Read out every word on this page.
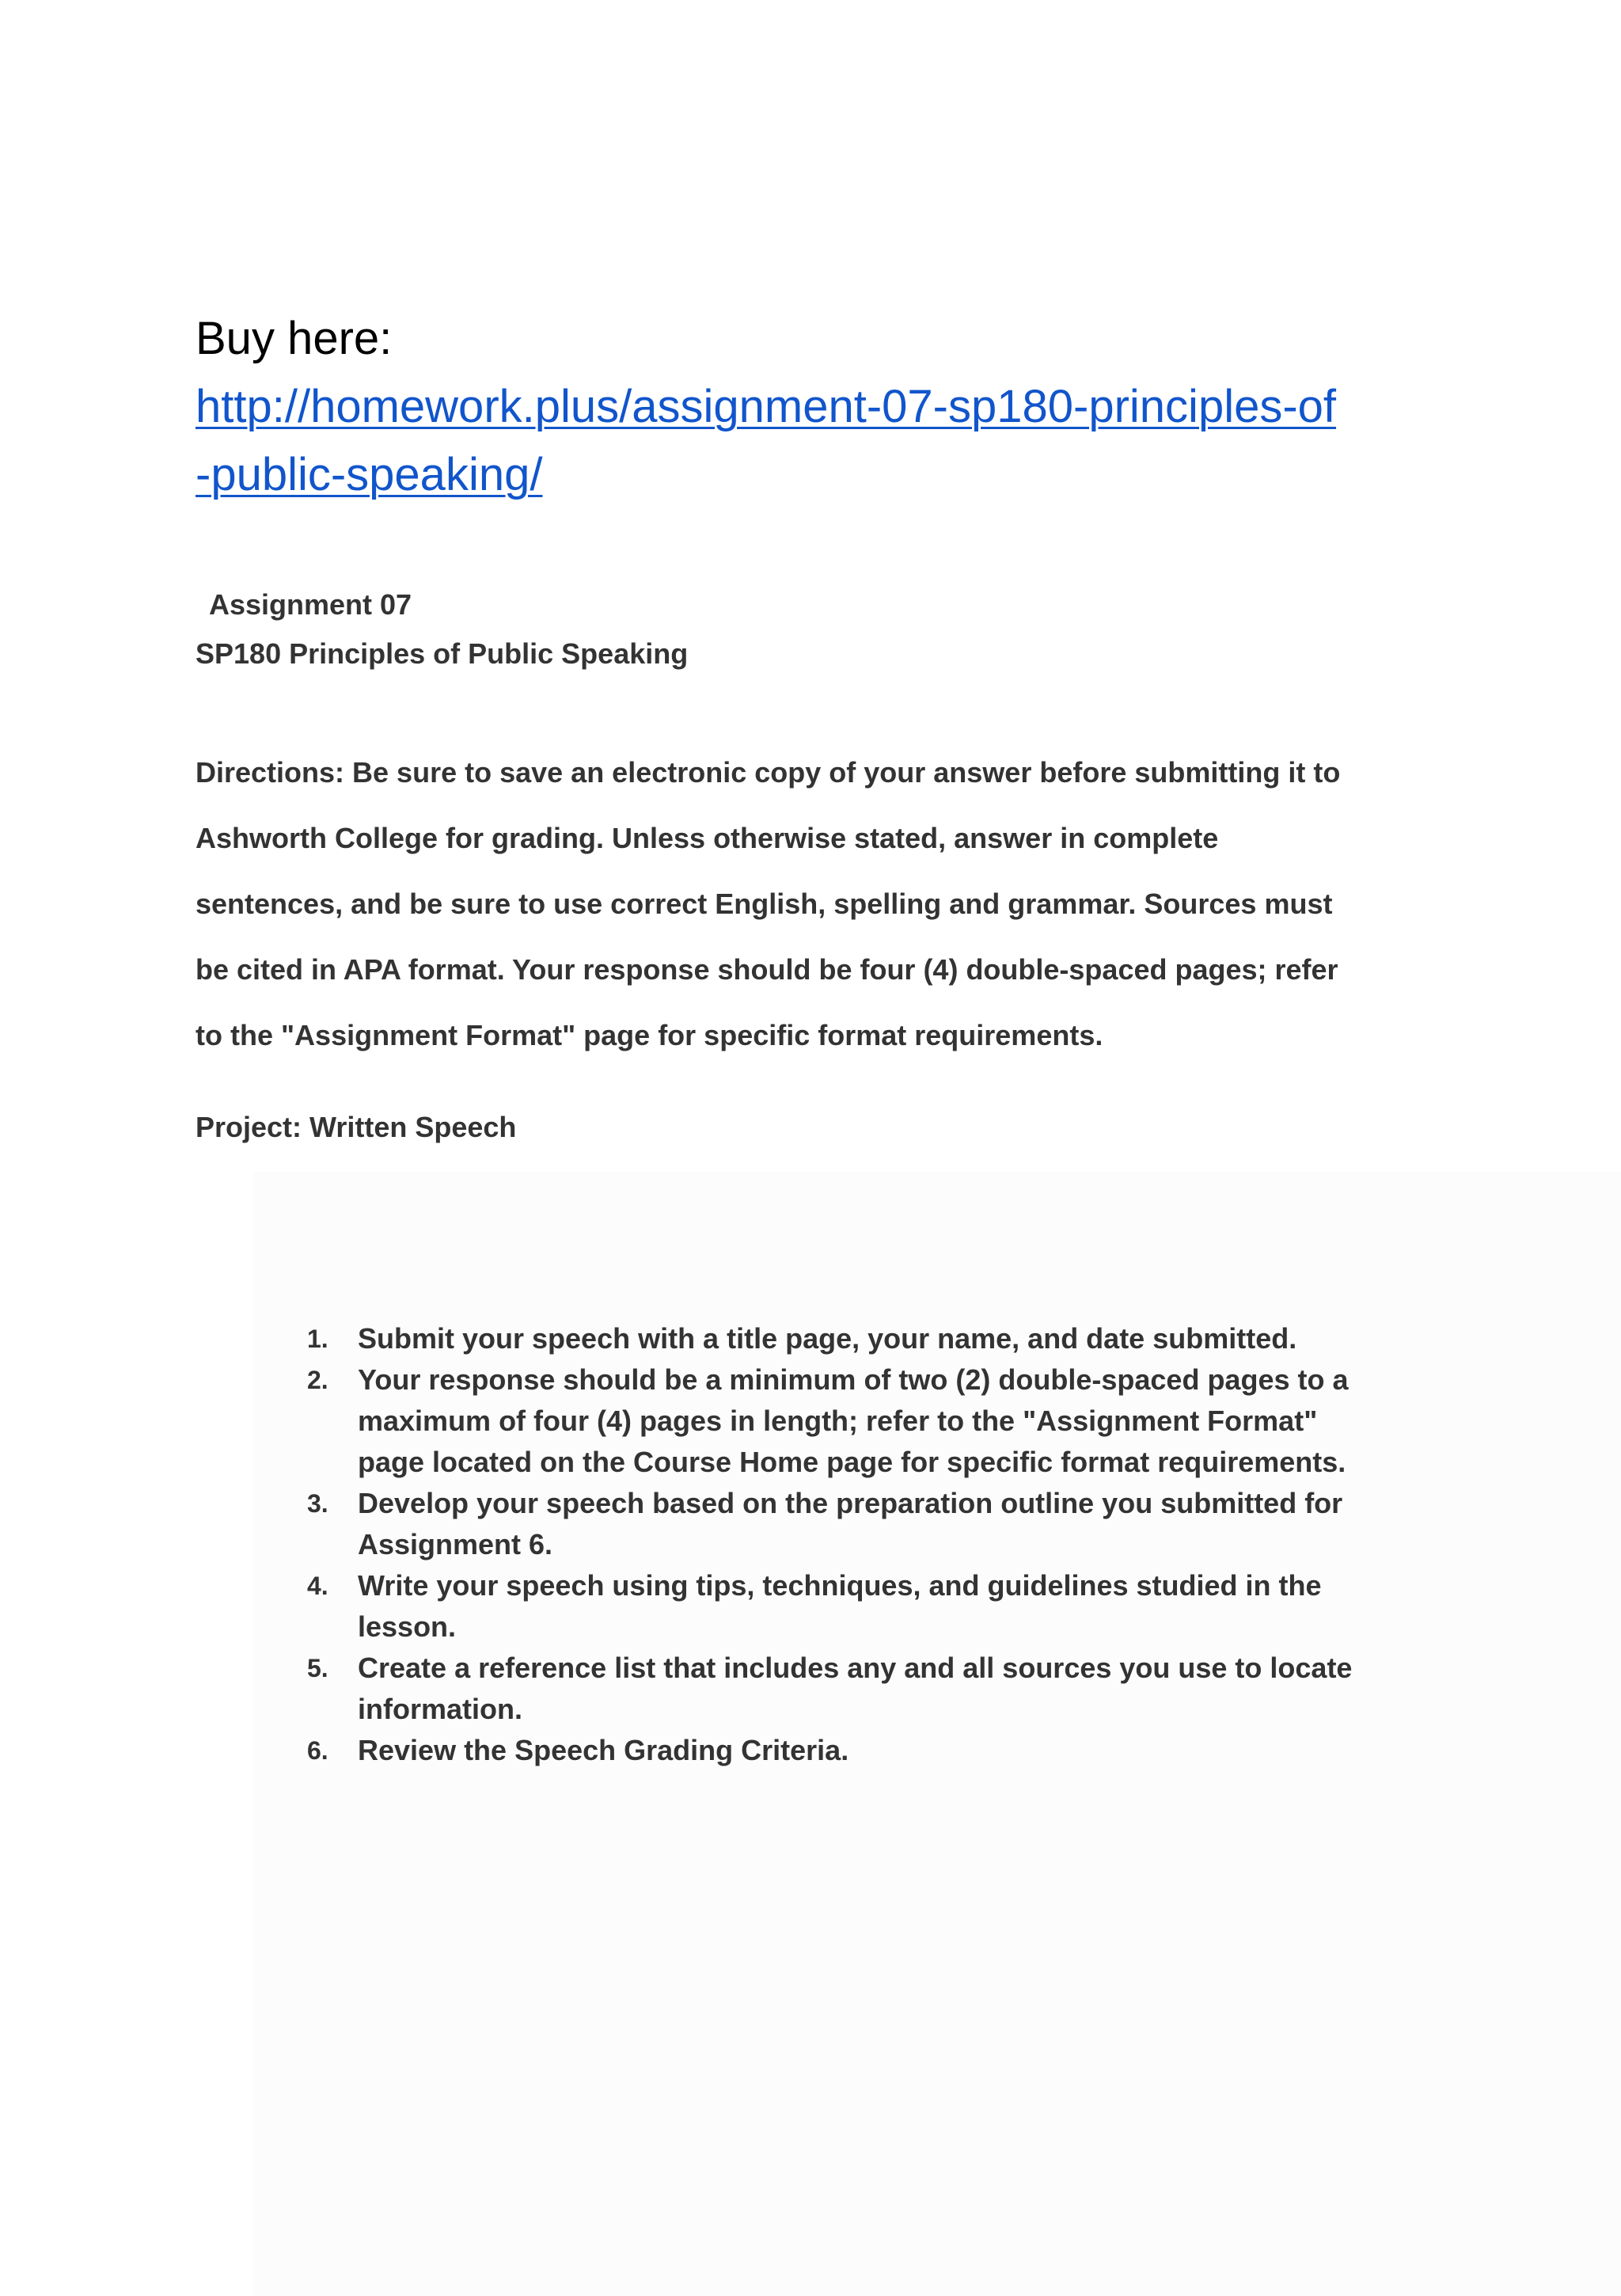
Buy here:
http://homework.plus/assignment-07-sp180-principles-of
-public-speaking/
Assignment 07
SP180 Principles of Public Speaking
Directions: Be sure to save an electronic copy of your answer before submitting it to
Ashworth College for grading. Unless otherwise stated, answer in complete
sentences, and be sure to use correct English, spelling and grammar. Sources must
be cited in APA format. Your response should be four (4) double-spaced pages; refer
to the "Assignment Format" page for specific format requirements.
Project: Written Speech
1. Submit your speech with a title page, your name, and date submitted.
2. Your response should be a minimum of two (2) double-spaced pages to a
maximum of four (4) pages in length; refer to the "Assignment Format"
page located on the Course Home page for specific format requirements.
3. Develop your speech based on the preparation outline you submitted for
Assignment 6.
4. Write your speech using tips, techniques, and guidelines studied in the
lesson.
5. Create a reference list that includes any and all sources you use to locate
information.
6. Review the Speech Grading Criteria.
